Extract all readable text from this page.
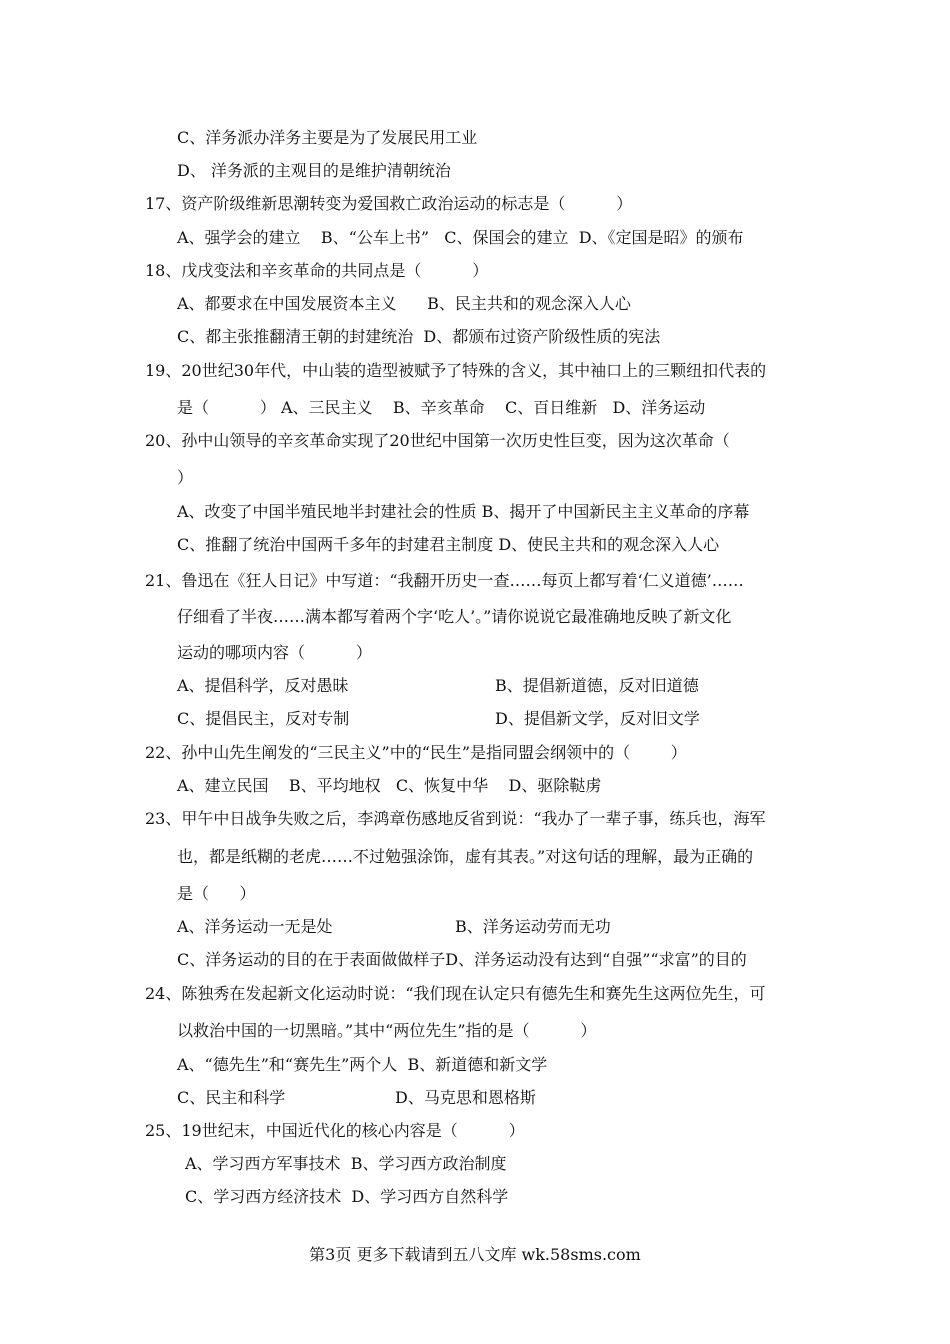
C、洋务派办洋务主要是为了发展民用工业
D、 洋务派的主观目的是维护清朝统治
17、资产阶级维新思潮转变为爱国救亡政治运动的标志是（          ）
A、强学会的建立    B、“公车上书”   C、保国会的建立  D、《定国是昭》的颁布
18、戊戌变法和辛亥革命的共同点是（          ）
A、都要求在中国发展资本主义      B、民主共和的观念深入人心
C、都主张推翻清王朝的封建统治  D、都颁布过资产阶级性质的宪法
19、20世纪30年代，中山装的造型被赋予了特殊的含义，其中袖口上的三颗纽扣代表的
是（          ） A、三民主义    B、辛亥革命    C、百日维新   D、洋务运动
20、孙中山领导的辛亥革命实现了20世纪中国第一次历史性巨变，因为这次革命（
）
A、改变了中国半殖民地半封建社会的性质 B、揭开了中国新民主主义革命的序幕
C、推翻了统治中国两千多年的封建君主制度 D、使民主共和的观念深入人心
21、鲁迅在《狂人日记》中写道：“我翻开历史一查……每页上都写着‘仁义道德’……
仔细看了半夜……满本都写着两个字‘吃人’。”请你说说它最准确地反映了新文化
运动的哪项内容（          ）
A、提倡科学，反对愚昧	B、提倡新道德，反对旧道德
C、提倡民主，反对专制	D、提倡新文学，反对旧文学
22、孙中山先生阐发的“三民主义”中的“民生”是指同盟会纲领中的（        ）
A、建立民国    B、平均地权   C、恢复中华    D、驱除鞑虏
23、甲午中日战争失败之后，李鸿章伤感地反省到说：“我办了一辈子事，练兵也，海军
也，都是纸糊的老虎……不过勉强涂饰，虚有其表。”对这句话的理解，最为正确的
是（      ）
A、洋务运动一无是处	B、洋务运动劳而无功
C、洋务运动的目的在于表面做做样子D、洋务运动没有达到“自强”“求富”的目的
24、陈独秀在发起新文化运动时说：“我们现在认定只有德先生和赛先生这两位先生，可
以救治中国的一切黑暗。”其中“两位先生”指的是（          ）
A、“德先生”和“赛先生”两个人  B、新道德和新文学
C、民主和科学	D、马克思和恩格斯
25、19世纪末，中国近代化的核心内容是（          ）
A、学习西方军事技术  B、学习西方政治制度
C、学习西方经济技术  D、学习西方自然科学
第3页 更多下载请到五八文库 wk.58sms.com
